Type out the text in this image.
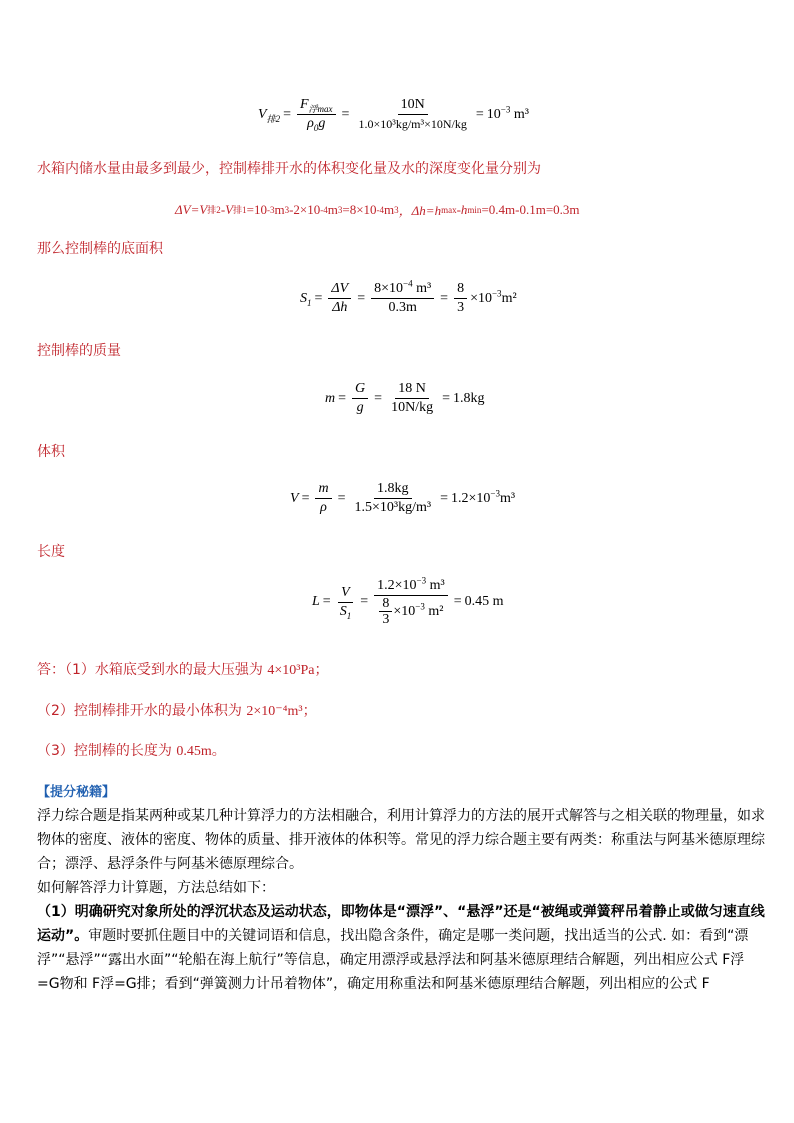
$V_{排2} = \frac{F_{浮max}}{\rho_0g} = \frac{10N}{\text{1.0×10³kg/m³×10N/kg}} = 10^{-3}$ m³
水箱内储水量由最多到最少，控制棒排开水的体积变化量及水的深度变化量分别为
ΔV=V 排2 -V 排1 =10 -3 m 3 -2×10 -4 m 3 =8×10 -4 m 3 ，Δh=h max -h min =0.4m-0.1m=0.3m
那么控制棒的底面积
$S_1 = \frac{\Delta V}{\Delta h} = \frac{8\times 10^{-4} m^3}{0.3m} = \frac{8}{3} \times 10^{-3}m^2$
控制棒的质量
$m = \frac{G}{g} = \frac{18 N}{10N/kg} = 1.8kg$
体积
$V = \frac{m}{\rho} = \frac{1.8kg}{\text{1.5×10³kg/m³}} = 1.2\times 10^{-3}m^3$
长度
$L = \frac{V}{S_1} = \frac{1.2\times 10^{-3} m^3}{\frac{8}{3} \times 10^{-3} m^2} = 0.45$ m
答：（1）水箱底受到水的最大压强为 4×10³Pa；
（2）控制棒排开水的最小体积为 2×10⁻⁴m³；
（3）控制棒的长度为 0.45m。
【提分秘籍】
浮力综合题是指某两种或某几种计算浮力的方法相融合，利用计算浮力的方法的展开式解答与之相关联的物理量，如求物体的密度、液体的密度、物体的质量、排开液体的体积等。常见的浮力综合题主要有两类：称重法与阿基米德原理综合；漂浮、悬浮条件与阿基米德原理综合。
如何解答浮力计算题，方法总结如下：
（1）明确研究对象所处的浮沉状态及运动状态，即物体是“漂浮”、“悬浮”还是“被绳或弹簧秤吊着静止或做匀速直线运动”。审题时要抓住题目中的关键词语和信息，找出隐含条件，确定是哪一类问题，找出适当的公式. 如：看到“漂浮”“悬浮”“露出水面”“轮船在海上航行”等信息，确定用漂浮或悬浮法和阿基米德原理结合解题，列出相应公式 F浮=G物和 F浮=G排；看到“弹簧测力计吊着物体”，确定用称重法和阿基米德原理结合解题，列出相应的公式 F
